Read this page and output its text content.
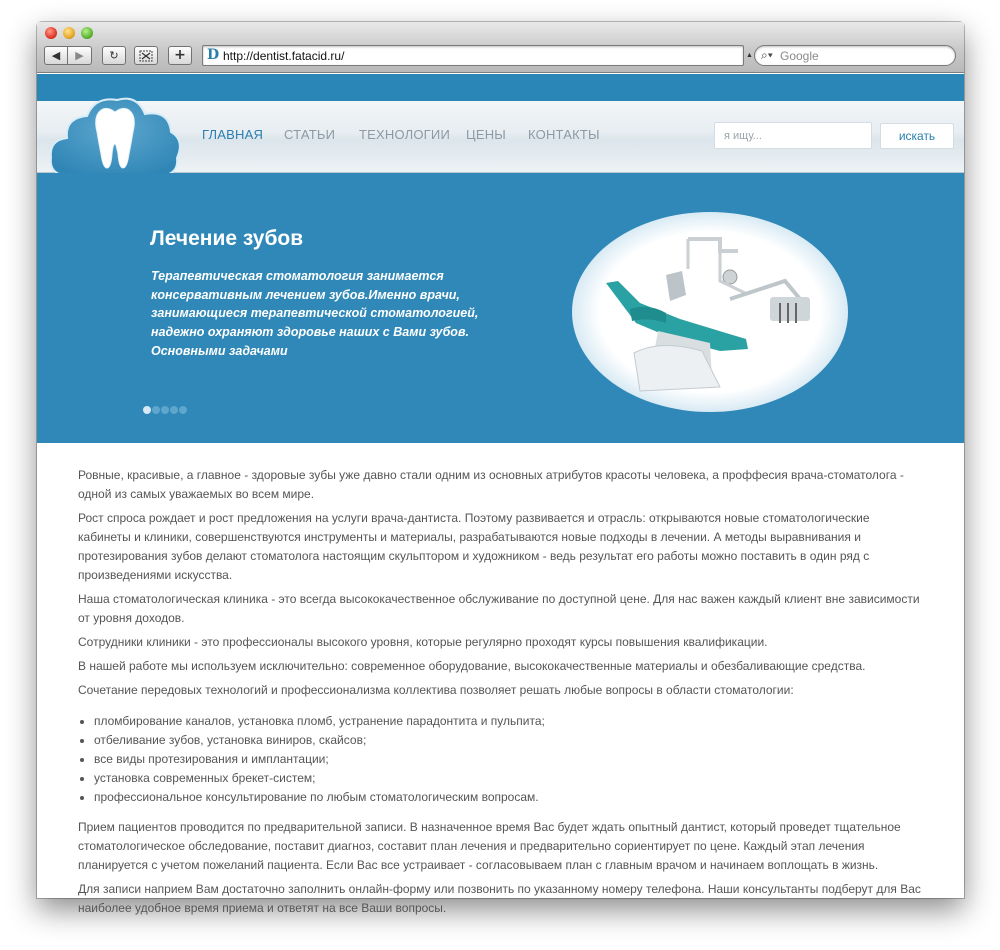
◀	▶	↻	+	D http://dentist.fatacid.ru/	▲ ⌕▾ Google
ГЛАВНАЯ СТАТЬИ ТЕХНОЛОГИИ ЦЕНЫ КОНТАКТЫ	я ищу...	искать
Лечение зубов
Терапевтическая стоматология занимается консервативным лечением зубов.Именно врачи, занимающиеся терапевтической стоматологией, надежно охраняют здоровье наших с Вами зубов. Основными задачами

Ровные, красивые, а главное - здоровые зубы уже давно стали одним из основных атрибутов красоты человека, а проффесия врача-стоматолога - одной из самых уважаемых во всем мире.

Рост спроса рождает и рост предложения на услуги врача-дантиста. Поэтому развивается и отрасль: открываются новые стоматологические кабинеты и клиники, совершенствуются инструменты и материалы, разрабатываются новые подходы в лечении. А методы выравнивания и протезирования зубов делают стоматолога настоящим скульптором и художником - ведь результат его работы можно поставить в один ряд с произведениями искусства.

Наша стоматологическая клиника - это всегда высококачественное обслуживание по доступной цене. Для нас важен каждый клиент вне зависимости от уровня доходов.

Сотрудники клиники - это профессионалы высокого уровня, которые регулярно проходят курсы повышения квалификации.

В нашей работе мы используем исключительно: современное оборудование, высококачественные материалы и обезбаливающие средства.

Сочетание передовых технологий и профессионализма коллектива позволяет решать любые вопросы в области стоматологии:

• пломбирование каналов, установка пломб, устранение парадонтита и пульпита;
• отбеливание зубов, установка виниров, скайсов;
• все виды протезирования и имплантации;
• установка современных брекет-систем;
• профессиональное консультирование по любым стоматологическим вопросам.

Прием пациентов проводится по предварительной записи. В назначенное время Вас будет ждать опытный дантист, который проведет тщательное стоматологическое обследование, поставит диагноз, составит план лечения и предварительно сориентирует по цене. Каждый этап лечения планируется с учетом пожеланий пациента. Если Вас все устраивает - согласовываем план с главным врачом и начинаем воплощать в жизнь.

Для записи наприем Вам достаточно заполнить онлайн-форму или позвонить по указанному номеру телефона. Наши консультанты подберут для Вас наиболее удобное время приема и ответят на все Ваши вопросы.
